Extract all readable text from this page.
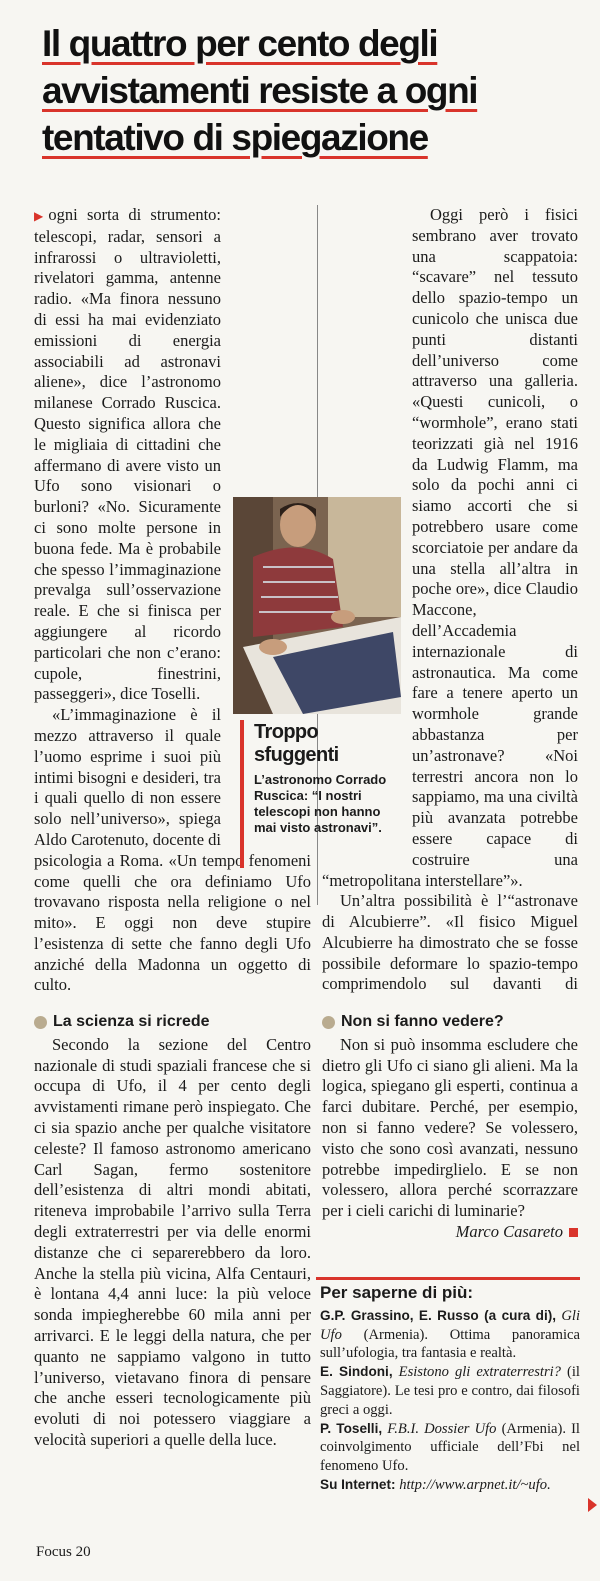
Il quattro per cento degli
avvistamenti resiste a ogni
tentativo di spiegazione

▶ogni sorta di strumento: telescopi, radar, sensori a infrarossi o ultravioletti, rivelatori gamma, antenne radio. «Ma finora nessuno di essi ha mai evidenziato emissioni di energia associabili ad astronavi aliene», dice l’astronomo milanese Corrado Ruscica. Questo significa allora che le migliaia di cittadini che affermano di avere visto un Ufo sono visionari o burloni? «No. Sicuramente ci sono molte persone in buona fede. Ma è probabile che spesso l’immaginazione prevalga sull’osservazione reale. E che si finisca per aggiungere al ricordo particolari che non c’erano: cupole, finestrini, passeggeri», dice Toselli.

«L’immaginazione è il mezzo attraverso il quale l’uomo esprime i suoi più intimi bisogni e desideri, tra i quali quello di non essere solo nell’universo», spiega Aldo Carotenuto, docente di psicologia a Roma. «Un tempo fenomeni come quelli che ora definiamo Ufo trovavano risposta nella religione o nel mito». E oggi non deve stupire l’esistenza di sette che fanno degli Ufo anziché della Madonna un oggetto di culto.

Troppo
sfuggenti
L’astronomo Corrado Ruscica: “I nostri telescopi non hanno mai visto astronavi”.

Oggi però i fisici sembrano aver trovato una scappatoia: “scavare” nel tessuto dello spazio-tempo un cunicolo che unisca due punti distanti dell’universo come attraverso una galleria. «Questi cunicoli, o “wormhole”, erano stati teorizzati già nel 1916 da Ludwig Flamm, ma solo da pochi anni ci siamo accorti che si potrebbero usare come scorciatoie per andare da una stella all’altra in poche ore», dice Claudio Maccone, dell’Accademia internazionale di astronautica. Ma come fare a tenere aperto un wormhole grande abbastanza per un’astronave? «Noi terrestri ancora non lo sappiamo, ma una civiltà più avanzata potrebbe essere capace di costruire una “metropolitana interstellare”».

Un’altra possibilità è l’“astronave di Alcubierre”. «Il fisico Miguel Alcubierre ha dimostrato che se fosse possibile deformare lo spazio-tempo comprimendolo sul davanti di

La scienza si ricrede

Secondo la sezione del Centro nazionale di studi spaziali francese che si occupa di Ufo, il 4 per cento degli avvistamenti rimane però inspiegato. Che ci sia spazio anche per qualche visitatore celeste? Il famoso astronomo americano Carl Sagan, fermo sostenitore dell’esistenza di altri mondi abitati, riteneva improbabile l’arrivo sulla Terra degli extraterrestri per via delle enormi distanze che ci separerebbero da loro. Anche la stella più vicina, Alfa Centauri, è lontana 4,4 anni luce: la più veloce sonda impiegherebbe 60 mila anni per arrivarci. E le leggi della natura, che per quanto ne sappiamo valgono in tutto l’universo, vietavano finora di pensare che anche esseri tecnologicamente più evoluti di noi potessero viaggiare a velocità superiori a quelle della luce.

Non si fanno vedere?

Non si può insomma escludere che dietro gli Ufo ci siano gli alieni. Ma la logica, spiegano gli esperti, continua a farci dubitare. Perché, per esempio, non si fanno vedere? Se volessero, visto che sono così avanzati, nessuno potrebbe impedirglielo. E se non volessero, allora perché scorrazzare per i cieli carichi di luminarie?

Marco Casareto

Per saperne di più:

G.P. Grassino, E. Russo (a cura di), Gli Ufo (Armenia). Ottima panoramica sull’ufologia, tra fantasia e realtà.

E. Sindoni, Esistono gli extraterrestri? (il Saggiatore). Le tesi pro e contro, dai filosofi greci a oggi.

P. Toselli, F.B.I. Dossier Ufo (Armenia). Il coinvolgimento ufficiale dell’Fbi nel fenomeno Ufo.

Su Internet: http://www.arpnet.it/~ufo.

Focus 20
